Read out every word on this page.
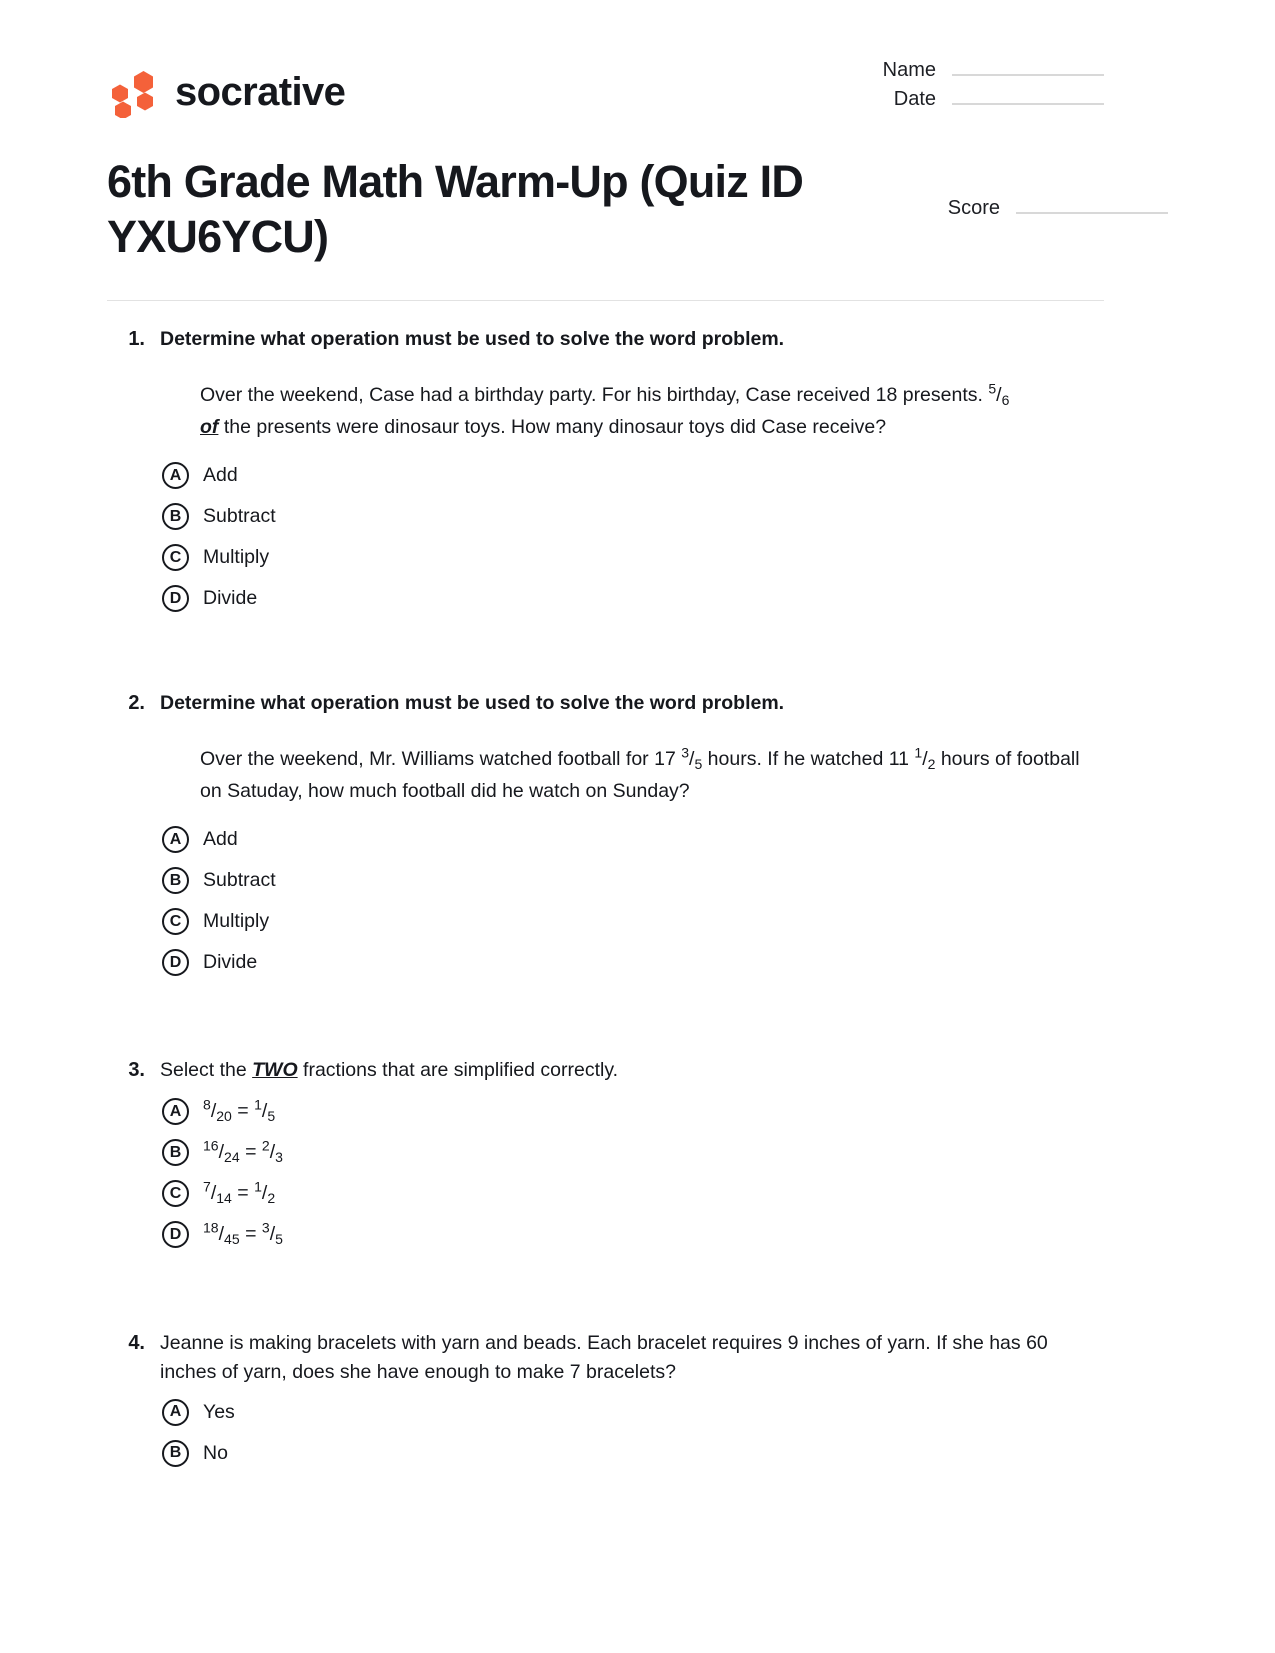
socrative	Name
Date
6th Grade Math Warm-Up (Quiz ID YXU6YCU)
Score
1. Determine what operation must be used to solve the word problem.
Over the weekend, Case had a birthday party. For his birthday, Case received 18 presents. $^5/_6$
of the presents were dinosaur toys. How many dinosaur toys did Case receive?
A	Add
B	Subtract
C	Multiply
D	Divide
2. Determine what operation must be used to solve the word problem.
Over the weekend, Mr. Williams watched football for 17 $^3/_5$ hours. If he watched 11 $^1/_2$ hours of football on Satuday, how much football did he watch on Sunday?
A	Add
B	Subtract
C	Multiply
D	Divide
3. Select the TWO fractions that are simplified correctly.
A	$^8/_{20} = ^1/_5$
B	$^{16}/_{24} = ^2/_3$
C	$^7/_{14} = ^1/_2$
D	$^{18}/_{45} = ^3/_5$
4. Jeanne is making bracelets with yarn and beads. Each bracelet requires 9 inches of yarn. If she has 60 inches of yarn, does she have enough to make 7 bracelets?
A	Yes
B	No
